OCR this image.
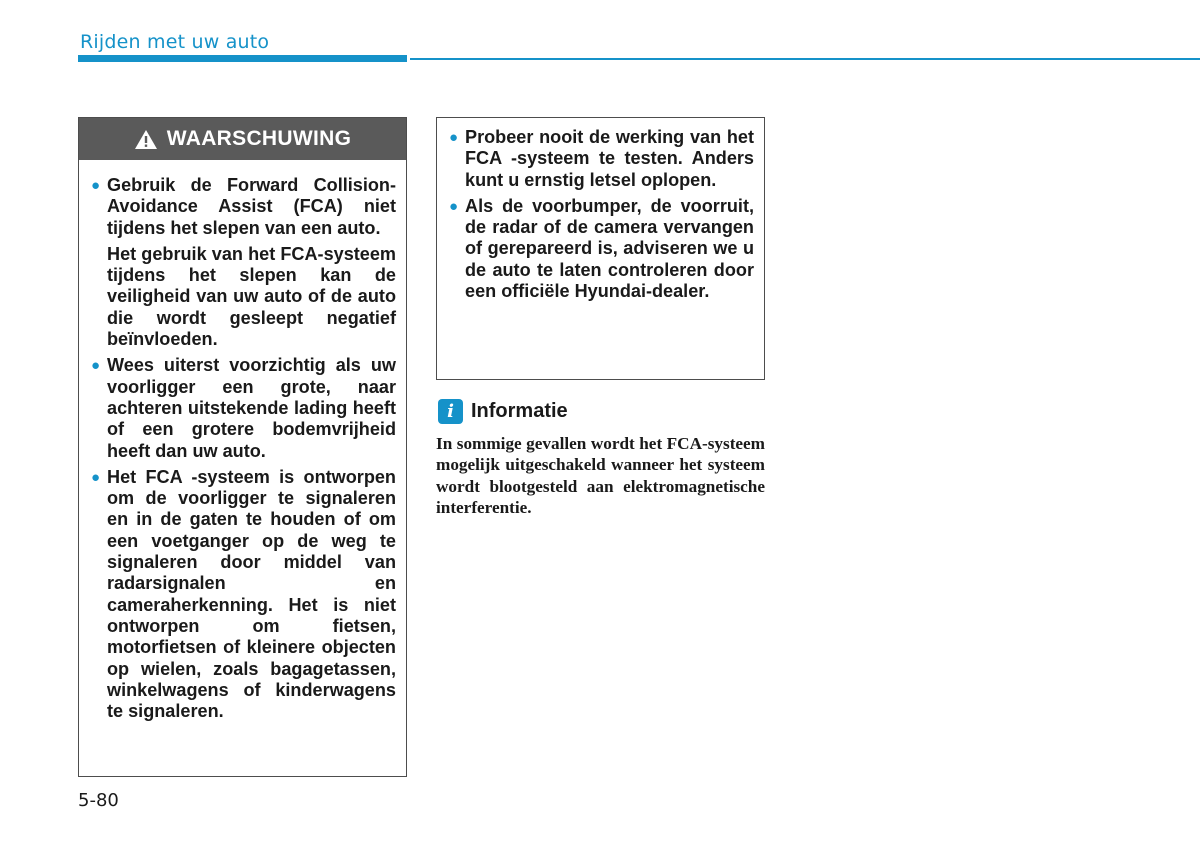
Rijden met uw auto
WAARSCHUWING
● Gebruik de Forward Collision-Avoidance Assist (FCA) niet tijdens het slepen van een auto.

Het gebruik van het FCA-systeem tijdens het slepen kan de veiligheid van uw auto of de auto die wordt gesleept negatief beïnvloeden.

● Wees uiterst voorzichtig als uw voorligger een grote, naar achteren uitstekende lading heeft of een grotere bodemvrijheid heeft dan uw auto.

● Het FCA -systeem is ontworpen om de voorligger te signaleren en in de gaten te houden of om een voetganger op de weg te signaleren door middel van radarsignalen en cameraherkenning. Het is niet ontworpen om fietsen, motorfietsen of kleinere objecten op wielen, zoals bagagetassen, winkelwagens of kinderwagens te signaleren.

● Probeer nooit de werking van het FCA -systeem te testen. Anders kunt u ernstig letsel oplopen.

● Als de voorbumper, de voorruit, de radar of de camera vervangen of gerepareerd is, adviseren we u de auto te laten controleren door een officiële Hyundai-dealer.

i Informatie

In sommige gevallen wordt het FCA-systeem mogelijk uitgeschakeld wanneer het systeem wordt blootgesteld aan elektromagnetische interferentie.

5-80
